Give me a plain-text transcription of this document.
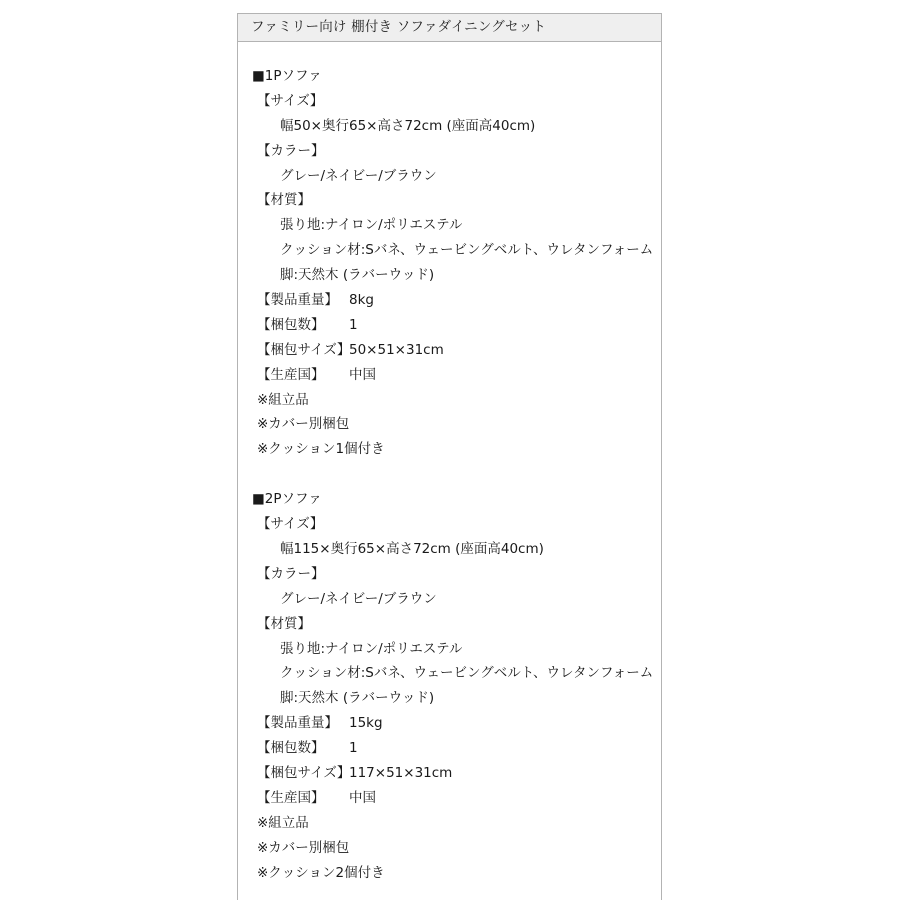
ファミリー向け 棚付き ソファダイニングセット
■1Pソファ
【サイズ】
幅50×奥行65×高さ72cm (座面高40cm)
【カラー】
グレー/ネイビー/ブラウン
【材質】
張り地:ナイロン/ポリエステル
クッション材:Sバネ、ウェービングベルト、ウレタンフォーム
脚:天然木 (ラバーウッド)
【製品重量】 8kg
【梱包数】 1
【梱包サイズ】50×51×31cm
【生産国】 中国
※組立品
※カバー別梱包
※クッション1個付き
■2Pソファ
【サイズ】
幅115×奥行65×高さ72cm (座面高40cm)
【カラー】
グレー/ネイビー/ブラウン
【材質】
張り地:ナイロン/ポリエステル
クッション材:Sバネ、ウェービングベルト、ウレタンフォーム
脚:天然木 (ラバーウッド)
【製品重量】 15kg
【梱包数】 1
【梱包サイズ】117×51×31cm
【生産国】 中国
※組立品
※カバー別梱包
※クッション2個付き
